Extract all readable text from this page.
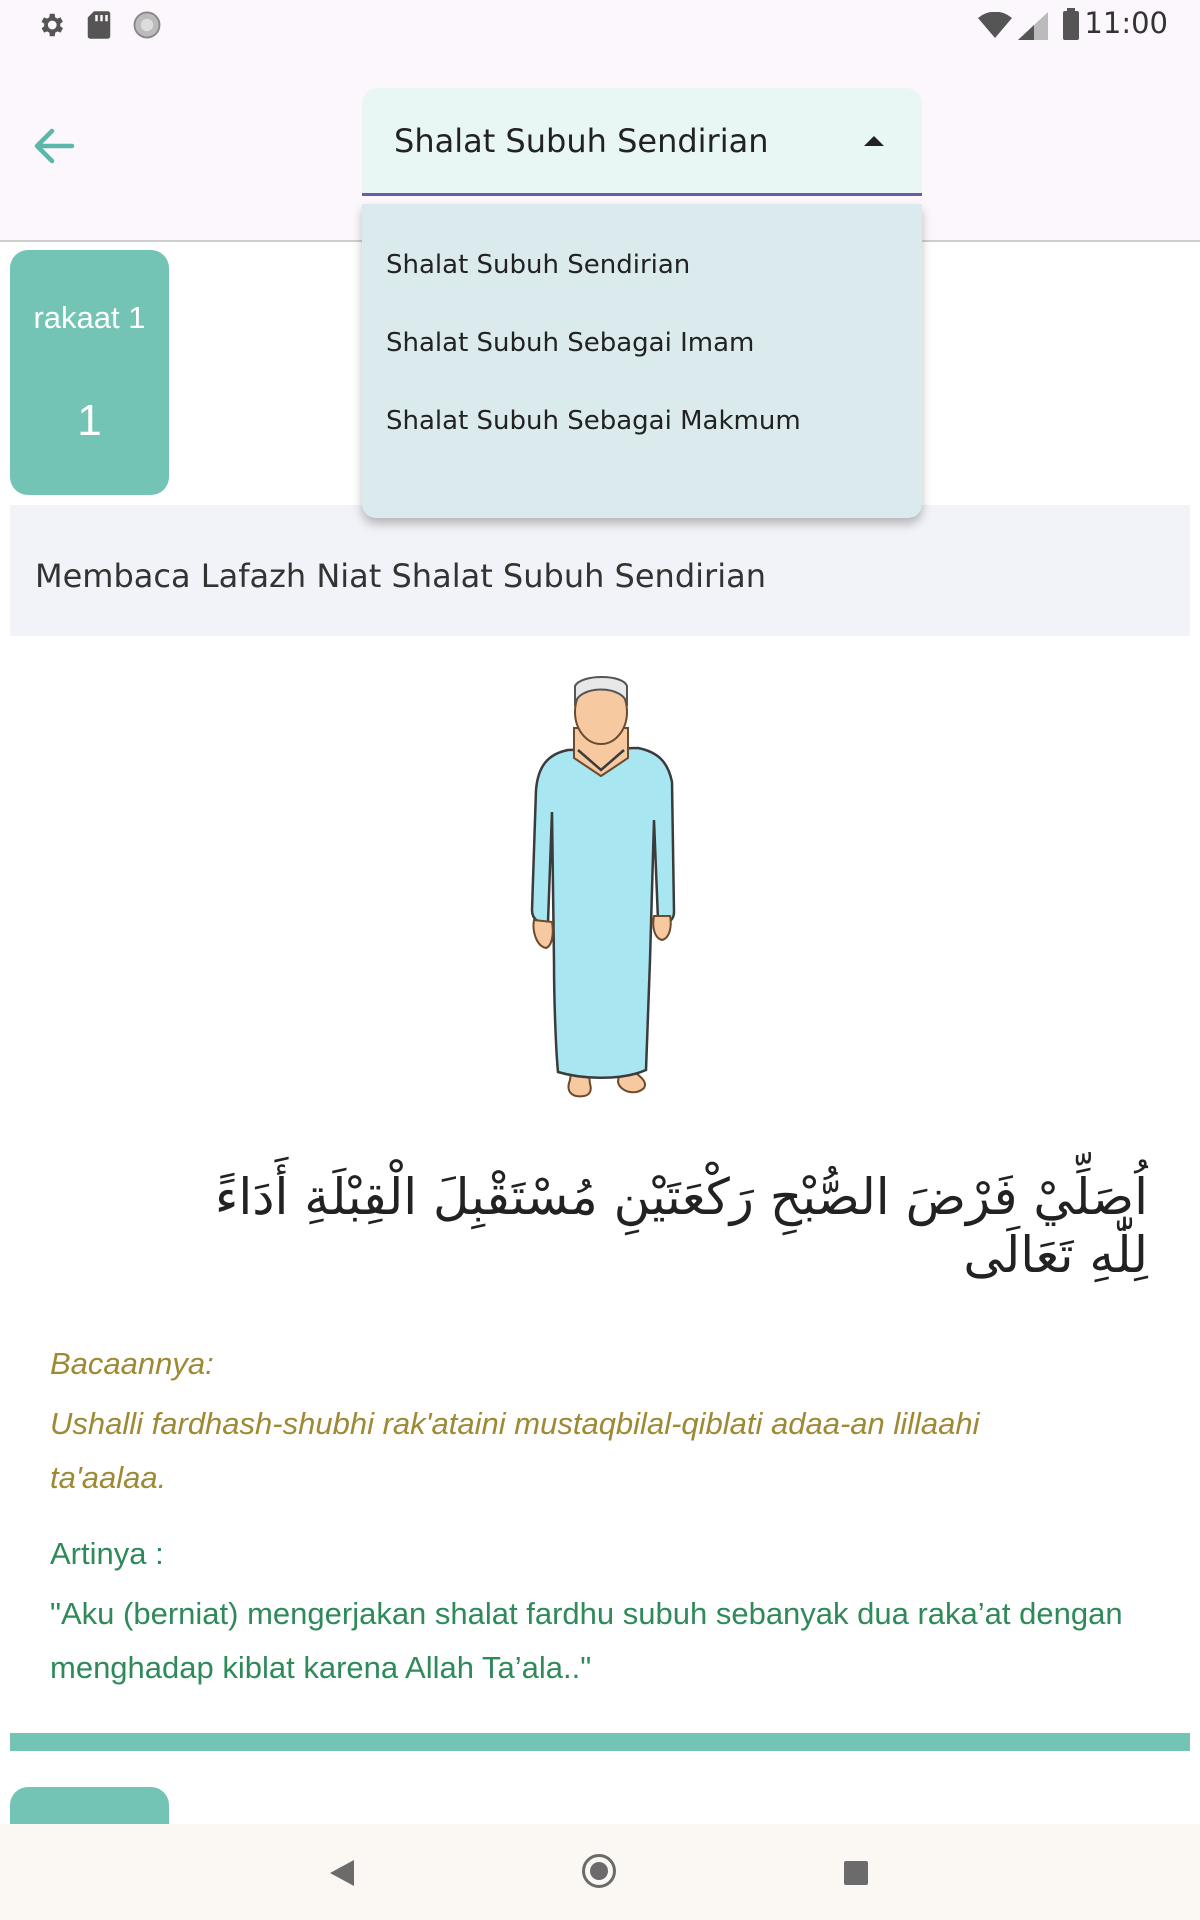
11:00
Shalat Subuh Sendirian
Shalat Subuh Sendirian
Shalat Subuh Sebagai Imam
Shalat Subuh Sebagai Makmum
rakaat 1
1
Membaca Lafazh Niat Shalat Subuh Sendirian
اُصَلِّيْ فَرْضَ الصُّبْحِ رَكْعَتَيْنِ مُسْتَقْبِلَ الْقِبْلَةِ أَدَاءً لِلّٰهِ تَعَالَى
Bacaannya:
Ushalli fardhash-shubhi rak'ataini mustaqbilal-qiblati adaa-an lillaahi ta'aalaa.
Artinya :
"Aku (berniat) mengerjakan shalat fardhu subuh sebanyak dua raka’at dengan menghadap kiblat karena Allah Ta’ala.."
